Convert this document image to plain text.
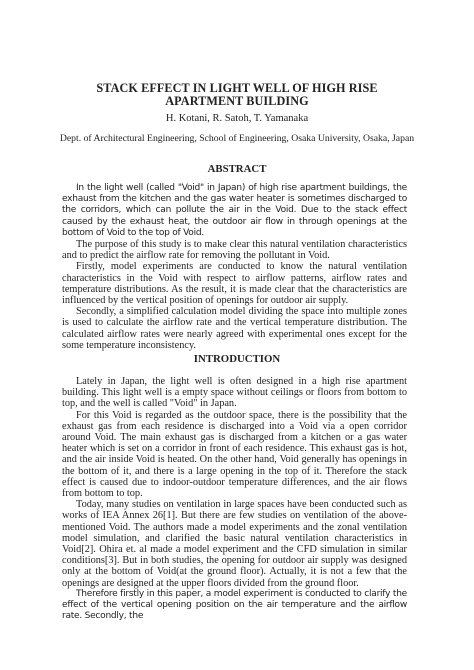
STACK EFFECT IN LIGHT WELL OF HIGH RISE
APARTMENT BUILDING
H. Kotani, R. Satoh, T. Yamanaka
Dept. of Architectural Engineering, School of Engineering, Osaka University, Osaka, Japan
ABSTRACT

In the light well (called "Void" in Japan) of high rise apartment buildings, the exhaust from the kitchen and the gas water heater is sometimes discharged to the corridors, which can pollute the air in the Void. Due to the stack effect caused by the exhaust heat, the outdoor air flow in through openings at the bottom of Void to the top of Void.

The purpose of this study is to make clear this natural ventilation characteristics and to predict the airflow rate for removing the pollutant in Void.

Firstly, model experiments are conducted to know the natural ventilation characteristics in the Void with respect to airflow patterns, airflow rates and temperature distributions. As the result, it is made clear that the characteristics are influenced by the vertical position of openings for outdoor air supply.

Secondly, a simplified calculation model dividing the space into multiple zones is used to calculate the airflow rate and the vertical temperature distribution. The calculated airflow rates were nearly agreed with experimental ones except for the some temperature inconsistency.

INTRODUCTION

Lately in Japan, the light well is often designed in a high rise apartment building. This light well is a empty space without ceilings or floors from bottom to top, and the well is called "Void" in Japan.

For this Void is regarded as the outdoor space, there is the possibility that the exhaust gas from each residence is discharged into a Void via a open corridor around Void. The main exhaust gas is discharged from a kitchen or a gas water heater which is set on a corridor in front of each residence. This exhaust gas is hot, and the air inside Void is heated. On the other hand, Void generally has openings in the bottom of it, and there is a large opening in the top of it. Therefore the stack effect is caused due to indoor-outdoor temperature differences, and the air flows from bottom to top.

Today, many studies on ventilation in large spaces have been conducted such as works of IEA Annex 26[1]. But there are few studies on ventilation of the above-mentioned Void. The authors made a model experiments and the zonal ventilation model simulation, and clarified the basic natural ventilation characteristics in Void[2]. Ohira et. al made a model experiment and the CFD simulation in similar conditions[3]. But in both studies, the opening for outdoor air supply was designed only at the bottom of Void(at the ground floor). Actually, it is not a few that the openings are designed at the upper floors divided from the ground floor.

Therefore firstly in this paper, a model experiment is conducted to clarify the effect of the vertical opening position on the air temperature and the airflow rate. Secondly, the
